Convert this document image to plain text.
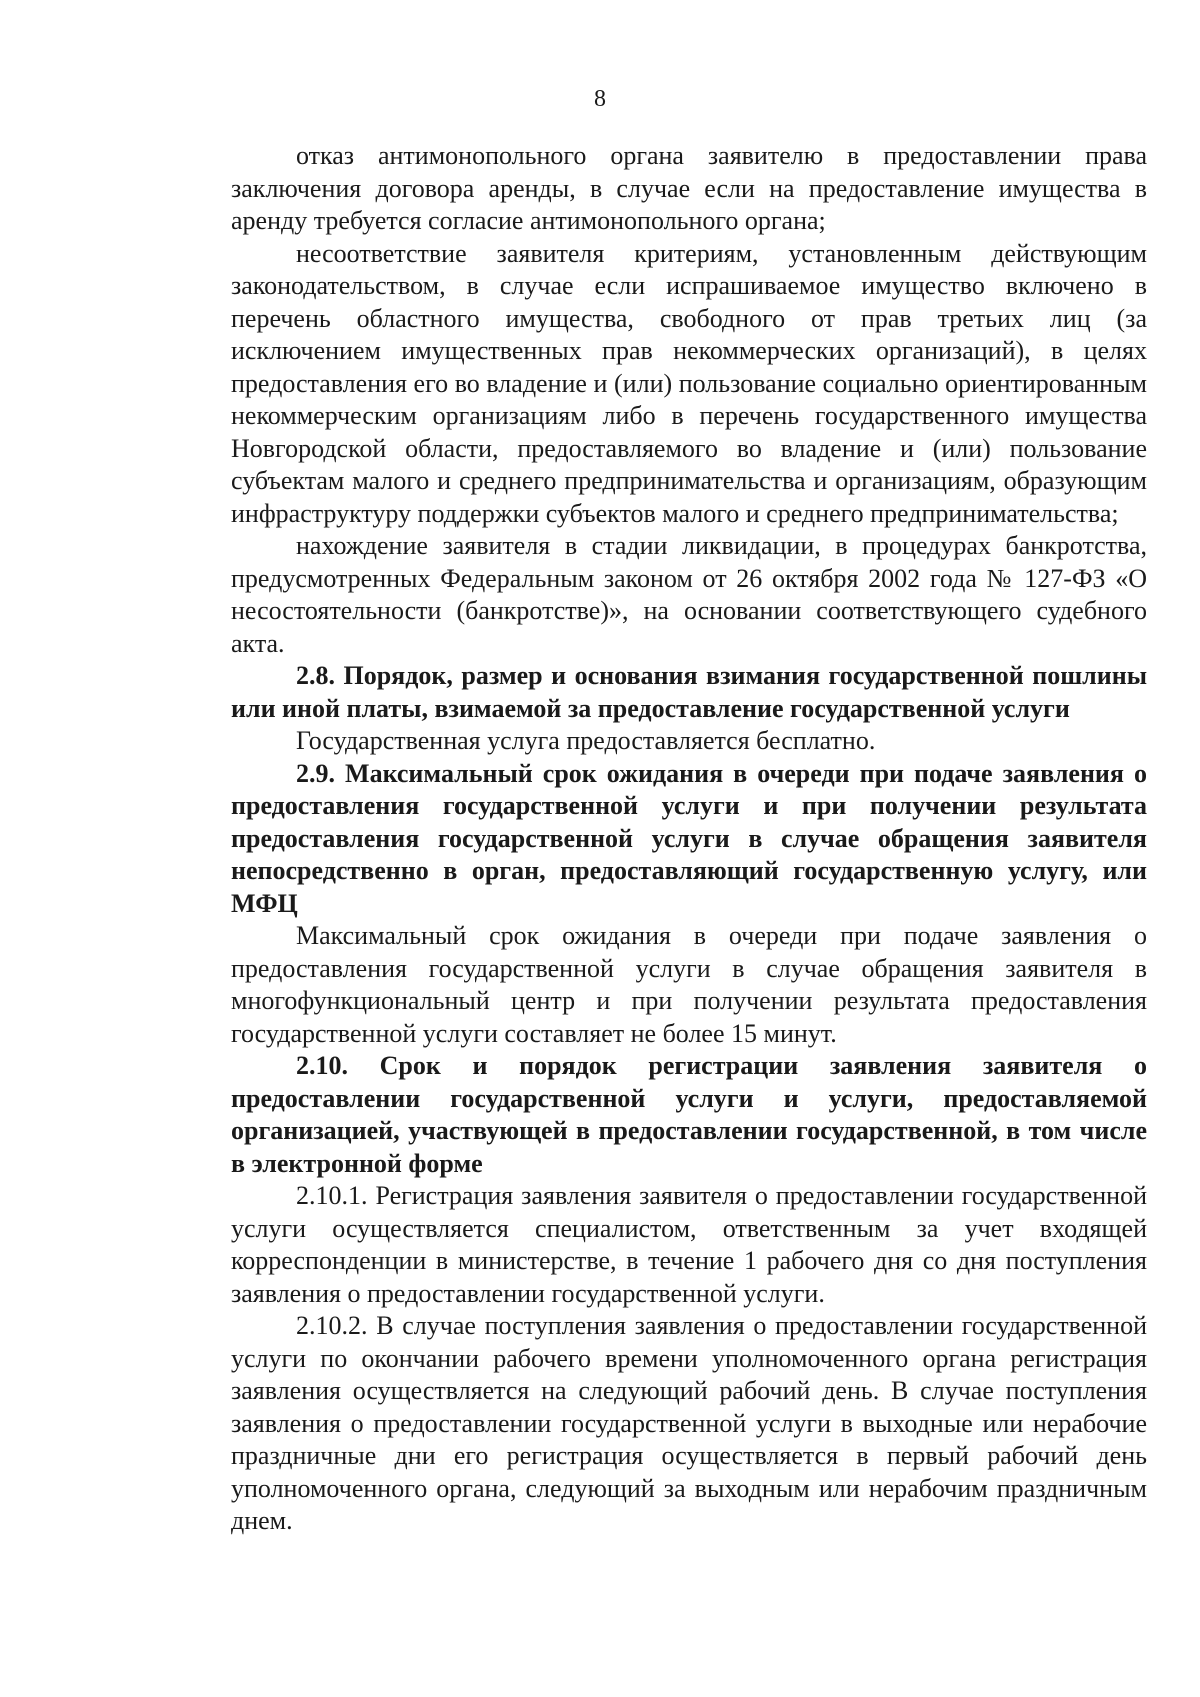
8

отказ антимонопольного органа заявителю в предоставлении права заключения договора аренды, в случае если на предоставление имущества в аренду требуется согласие антимонопольного органа;

несоответствие заявителя критериям, установленным действующим законодательством, в случае если испрашиваемое имущество включено в перечень областного имущества, свободного от прав третьих лиц (за исключением имущественных прав некоммерческих организаций), в целях предоставления его во владение и (или) пользование социально ориентированным некоммерческим организациям либо в перечень государственного имущества Новгородской области, предоставляемого во владение и (или) пользование субъектам малого и среднего предпринимательства и организациям, образующим инфраструктуру поддержки субъектов малого и среднего предпринимательства;

нахождение заявителя в стадии ликвидации, в процедурах банкротства, предусмотренных Федеральным законом от 26 октября 2002 года № 127-ФЗ «О несостоятельности (банкротстве)», на основании соответствующего судебного акта.

2.8. Порядок, размер и основания взимания государственной пошлины или иной платы, взимаемой за предоставление государственной услуги

Государственная услуга предоставляется бесплатно.

2.9. Максимальный срок ожидания в очереди при подаче заявления о предоставления государственной услуги и при получении результата предоставления государственной услуги в случае обращения заявителя непосредственно в орган, предоставляющий государственную услугу, или МФЦ

Максимальный срок ожидания в очереди при подаче заявления о предоставления государственной услуги в случае обращения заявителя в многофункциональный центр и при получении результата предоставления государственной услуги составляет не более 15 минут.

2.10. Срок и порядок регистрации заявления заявителя о предоставлении государственной услуги и услуги, предоставляемой организацией, участвующей в предоставлении государственной, в том числе в электронной форме

2.10.1. Регистрация заявления заявителя о предоставлении государственной услуги осуществляется специалистом, ответственным за учет входящей корреспонденции в министерстве, в течение 1 рабочего дня со дня поступления заявления о предоставлении государственной услуги.

2.10.2. В случае поступления заявления о предоставлении государственной услуги по окончании рабочего времени уполномоченного органа регистрация заявления осуществляется на следующий рабочий день. В случае поступления заявления о предоставлении государственной услуги в выходные или нерабочие праздничные дни его регистрация осуществляется в первый рабочий день уполномоченного органа, следующий за выходным или нерабочим праздничным днем.
